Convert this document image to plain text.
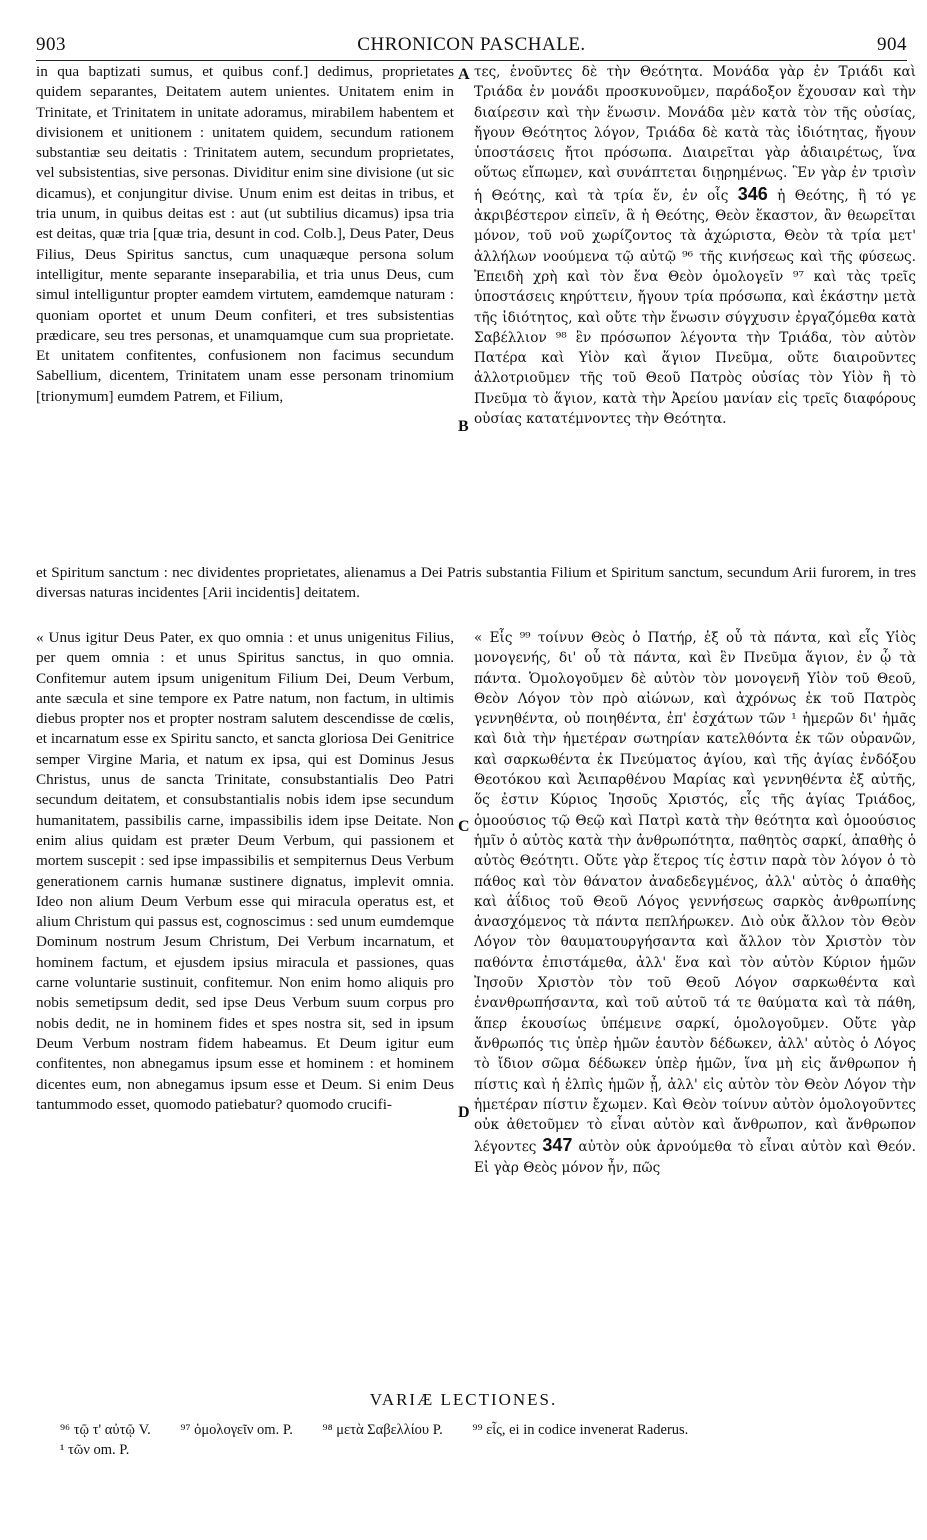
903	CHRONICON PASCHALE.	904

in qua baptizati sumus, et quibus conf.] dedimus, proprietates quidem separantes, Deitatem autem unientes. Unitatem enim in Trinitate, et Trinitatem in unitate adoramus, mirabilem habentem et divisionem et unitionem : unitatem quidem, secundum rationem substantiæ seu deitatis : Trinitatem autem, secundum proprietates, vel subsistentias, sive personas. Dividitur enim sine divisione (ut sic dicamus), et conjungitur divise. Unum enim est deitas in tribus, et tria unum, in quibus deitas est : aut (ut subtilius dicamus) ipsa tria est deitas, quæ tria [quæ tria, desunt in cod. Colb.], Deus Pater, Deus Filius, Deus Spiritus sanctus, cum unaquæque persona solum intelligitur, mente separante inseparabilia, et tria unus Deus, cum simul intelliguntur propter eamdem virtutem, eamdemque naturam : quoniam oportet et unum Deum confiteri, et tres subsistentias prædicare, seu tres personas, et unamquamque cum sua proprietate. Et unitatem confitentes, confusionem non facimus secundum Sabellium, dicentem, Trinitatem unam esse personam trinomium [trionymum] eumdem Patrem, et Filium,

τες, ἑνοῦντες δὲ τὴν Θεότητα. Μονάδα γὰρ ἐν Τριάδι καὶ Τριάδα ἐν μονάδι προσκυνοῦμεν, παράδοξον ἔχουσαν καὶ τὴν διαίρεσιν καὶ τὴν ἕνωσιν. Μονάδα μὲν κατὰ τὸν τῆς οὐσίας, ἤγουν Θεότητος λόγον, Τριάδα δὲ κατὰ τὰς ἰδιότητας, ἤγουν ὑποστάσεις ἤτοι πρόσωπα. Διαιρεῖται γὰρ ἀδιαιρέτως, ἵνα οὕτως εἴπωμεν, καὶ συνάπτεται διῃρημένως. Ἓν γὰρ ἐν τρισὶν ἡ Θεότης, καὶ τὰ τρία ἕν, ἐν οἷς 346 ἡ Θεότης, ἢ τό γε ἀκριβέστερον εἰπεῖν, ἃ ἡ Θεότης, Θεὸν ἕκαστον, ἂν θεωρεῖται μόνον, τοῦ νοῦ χωρίζοντος τὰ ἀχώριστα, Θεὸν τὰ τρία μετ' ἀλλήλων νοούμενα τῷ αὐτῷ ⁹⁶ τῆς κινήσεως καὶ τῆς φύσεως. Ἐπειδὴ χρὴ καὶ τὸν ἕνα Θεὸν ὁμολογεῖν ⁹⁷ καὶ τὰς τρεῖς ὑποστάσεις κηρύττειν, ἤγουν τρία πρόσωπα, καὶ ἑκάστην μετὰ τῆς ἰδιότητος, καὶ οὔτε τὴν ἕνωσιν σύγχυσιν ἐργαζόμεθα κατὰ Σαβέλλιον ⁹⁸ ἓν πρόσωπον λέγοντα τὴν Τριάδα, τὸν αὐτὸν Πατέρα καὶ Υἱὸν καὶ ἅγιον Πνεῦμα, οὔτε διαιροῦντες ἀλλοτριοῦμεν τῆς τοῦ Θεοῦ Πατρὸς οὐσίας τὸν Υἱὸν ἢ τὸ Πνεῦμα τὸ ἅγιον, κατὰ τὴν Ἀρείου μανίαν εἰς τρεῖς διαφόρους οὐσίας κατατέμνοντες τὴν Θεότητα.

A
B

et Spiritum sanctum : nec dividentes proprietates, alienamus a Dei Patris substantia Filium et Spiritum sanctum, secundum Arii furorem, in tres diversas naturas incidentes [Arii incidentis] deitatem.

« Unus igitur Deus Pater, ex quo omnia : et unus unigenitus Filius, per quem omnia : et unus Spiritus sanctus, in quo omnia. Confitemur autem ipsum unigenitum Filium Dei, Deum Verbum, ante sæcula et sine tempore ex Patre natum, non factum, in ultimis diebus propter nos et propter nostram salutem descendisse de cœlis, et incarnatum esse ex Spiritu sancto, et sancta gloriosa Dei Genitrice semper Virgine Maria, et natum ex ipsa, qui est Dominus Jesus Christus, unus de sancta Trinitate, consubstantialis Deo Patri secundum deitatem, et consubstantialis nobis idem ipse secundum humanitatem, passibilis carne, impassibilis idem ipse Deitate. Non enim alius quidam est præter Deum Verbum, qui passionem et mortem suscepit : sed ipse impassibilis et sempiternus Deus Verbum generationem carnis humanæ sustinere dignatus, implevit omnia. Ideo non alium Deum Verbum esse qui miracula operatus est, et alium Christum qui passus est, cognoscimus : sed unum eumdemque Dominum nostrum Jesum Christum, Dei Verbum incarnatum, et hominem factum, et ejusdem ipsius miracula et passiones, quas carne voluntarie sustinuit, confitemur. Non enim homo aliquis pro nobis semetipsum dedit, sed ipse Deus Verbum suum corpus pro nobis dedit, ne in hominem fides et spes nostra sit, sed in ipsum Deum Verbum nostram fidem habeamus. Et Deum igitur eum confitentes, non abnegamus ipsum esse et hominem : et hominem dicentes eum, non abnegamus ipsum esse et Deum. Si enim Deus tantummodo esset, quomodo patiebatur? quomodo crucifi-

« Εἷς ⁹⁹ τοίνυν Θεὸς ὁ Πατήρ, ἐξ οὗ τὰ πάντα, καὶ εἷς Υἱὸς μονογενής, δι' οὗ τὰ πάντα, καὶ ἓν Πνεῦμα ἅγιον, ἐν ᾧ τὰ πάντα. Ὁμολογοῦμεν δὲ αὐτὸν τὸν μονογενῆ Υἱὸν τοῦ Θεοῦ, Θεὸν Λόγον τὸν πρὸ αἰώνων, καὶ ἀχρόνως ἐκ τοῦ Πατρὸς γεννηθέντα, οὐ ποιηθέντα, ἐπ' ἐσχάτων τῶν ¹ ἡμερῶν δι' ἡμᾶς καὶ διὰ τὴν ἡμετέραν σωτηρίαν κατελθόντα ἐκ τῶν οὐρανῶν, καὶ σαρκωθέντα ἐκ Πνεύματος ἁγίου, καὶ τῆς ἁγίας ἐνδόξου Θεοτόκου καὶ Ἀειπαρθένου Μαρίας καὶ γεννηθέντα ἐξ αὐτῆς, ὅς ἐστιν Κύριος Ἰησοῦς Χριστός, εἷς τῆς ἁγίας Τριάδος, ὁμοούσιος τῷ Θεῷ καὶ Πατρὶ κατὰ τὴν θεότητα καὶ ὁμοούσιος ἡμῖν ὁ αὐτὸς κατὰ τὴν ἀνθρωπότητα, παθητὸς σαρκί, ἀπαθὴς ὁ αὐτὸς Θεότητι. Οὔτε γὰρ ἕτερος τίς ἐστιν παρὰ τὸν λόγον ὁ τὸ πάθος καὶ τὸν θάνατον ἀναδεδεγμένος, ἀλλ' αὐτὸς ὁ ἀπαθὴς καὶ ἀΐδιος τοῦ Θεοῦ Λόγος γεννήσεως σαρκὸς ἀνθρωπίνης ἀνασχόμενος τὰ πάντα πεπλήρωκεν. Διὸ οὐκ ἄλλον τὸν Θεὸν Λόγον τὸν θαυματουργήσαντα καὶ ἄλλον τὸν Χριστὸν τὸν παθόντα ἐπιστάμεθα, ἀλλ' ἕνα καὶ τὸν αὐτὸν Κύριον ἡμῶν Ἰησοῦν Χριστὸν τὸν τοῦ Θεοῦ Λόγον σαρκωθέντα καὶ ἐνανθρωπήσαντα, καὶ τοῦ αὐτοῦ τά τε θαύματα καὶ τὰ πάθη, ἅπερ ἑκουσίως ὑπέμεινε σαρκί, ὁμολογοῦμεν. Οὔτε γὰρ ἄνθρωπός τις ὑπὲρ ἡμῶν ἑαυτὸν δέδωκεν, ἀλλ' αὐτὸς ὁ Λόγος τὸ ἴδιον σῶμα δέδωκεν ὑπὲρ ἡμῶν, ἵνα μὴ εἰς ἄνθρωπον ἡ πίστις καὶ ἡ ἐλπὶς ἡμῶν ᾖ, ἀλλ' εἰς αὐτὸν τὸν Θεὸν Λόγον τὴν ἡμετέραν πίστιν ἔχωμεν. Καὶ Θεὸν τοίνυν αὐτὸν ὁμολογοῦντες οὐκ ἀθετοῦμεν τὸ εἶναι αὐτὸν καὶ ἄνθρωπον, καὶ ἄνθρωπον λέγοντες 347 αὐτὸν οὐκ ἀρνούμεθα τὸ εἶναι αὐτὸν καὶ Θεόν. Εἰ γὰρ Θεὸς μόνον ἦν, πῶς

C
D
VARIÆ LECTIONES.
⁹⁶ τῷ τ' αὐτῷ V. ⁹⁷ ὁμολογεῖν om. P. ⁹⁸ μετὰ Σαβελλίου P. ⁹⁹ εἷς, ei in codice invenerat Raderus.
¹ τῶν om. P.
